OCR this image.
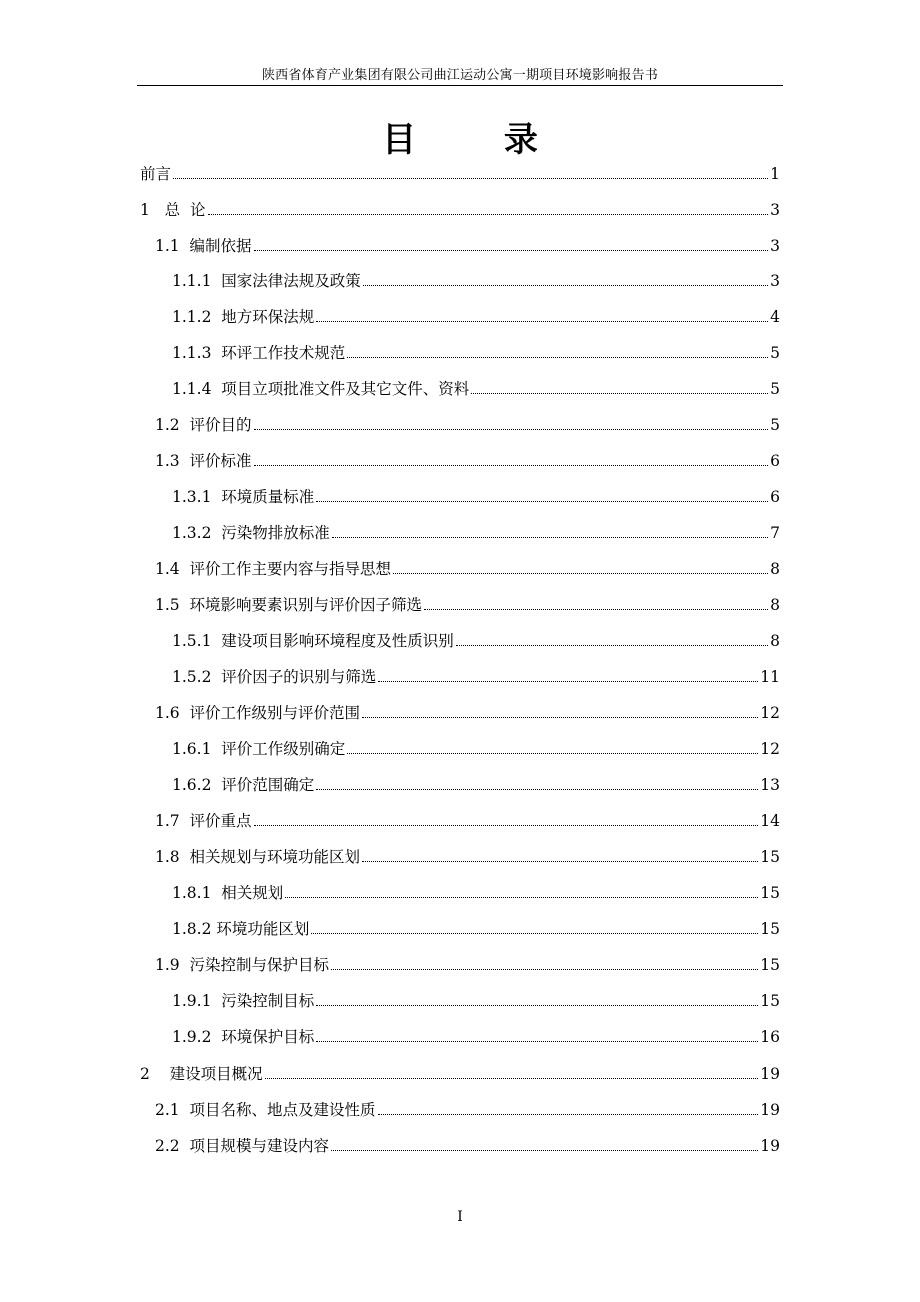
陕西省体育产业集团有限公司曲江运动公寓一期项目环境影响报告书
目 录
前言	1
1 总  论	3
1.1 编制依据	3
1.1.1 国家法律法规及政策	3
1.1.2 地方环保法规	4
1.1.3 环评工作技术规范	5
1.1.4 项目立项批准文件及其它文件、资料	5
1.2 评价目的	5
1.3 评价标准	6
1.3.1 环境质量标准	6
1.3.2 污染物排放标准	7
1.4 评价工作主要内容与指导思想	8
1.5 环境影响要素识别与评价因子筛选	8
1.5.1 建设项目影响环境程度及性质识别	8
1.5.2 评价因子的识别与筛选	11
1.6 评价工作级别与评价范围	12
1.6.1 评价工作级别确定	12
1.6.2 评价范围确定	13
1.7 评价重点	14
1.8 相关规划与环境功能区划	15
1.8.1 相关规划	15
1.8.2 环境功能区划	15
1.9 污染控制与保护目标	15
1.9.1 污染控制目标	15
1.9.2 环境保护目标	16
2 建设项目概况	19
2.1 项目名称、地点及建设性质	19
2.2 项目规模与建设内容	19
I
